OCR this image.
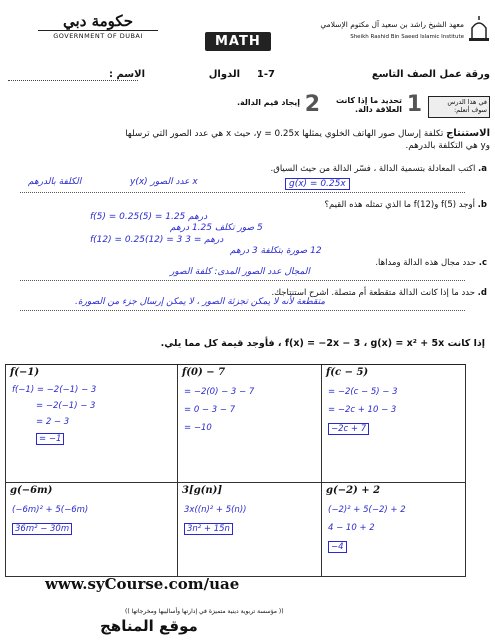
حكومة دبي
GOVERNMENT OF DUBAI	MATH
معهد الشيخ راشد بن سعيد آل مكتوم الإسلامي
Sheikh Rashid Bin Saeed Islamic Institute
ورقة عمل الصف التاسع
1-7
الدوال
الاسم :
في هذا الدرس سوف أتعلم:
1
تحديد ما إذا كانت
العلاقة دالة.
2
إيجاد قيم الدالة.
الاستنتاج تكلفة إرسال صور الهاتف الخلوي يمثلها y = 0.25x، حيث x هي عدد الصور التي ترسلها
وy هي التكلفة بالدرهم.
a. اكتب المعادلة بتسمية الدالة ، فسّر الدالة من حيث السياق.
g(x) = 0.25x
y(x) عدد الصور x
الكلفة بالدرهم
b. أوجد f(5) وf(12) ما الذي تمثله هذه القيم؟
f(5) = 0.25(5) = 1.25 درهم
5 صور تكلف 1.25 درهم
f(12) = 0.25(12) = 3 درهم = 3
12 صورة بتكلفة 3 درهم
c. حدد مجال هذه الدالة ومداها.
المجال عدد الصور المدى: كلفة الصور
d. حدد ما إذا كانت الدالة متقطعة أم متصلة. اشرح استنتاجك.
متقطعة لأنه لا يمكن تجزئة الصور ، لا يمكن إرسال جزء من الصورة.
إذا كانت f(x) = −2x − 3 ، g(x) = x² + 5x ، فأوجد قيمة كل مما يلي.
f(−1)
f(−1) = −2(−1) − 3
= −2(−1) − 3
= 2 − 3
= −1
f(0) − 7
= −2(0) − 3 − 7
= 0 − 3 − 7
= −10
f(c − 5)
= −2(c − 5) − 3
= −2c + 10 − 3
−2c + 7
g(−6m)
(−6m)² + 5(−6m)
36m² − 30m
3[g(n)]
3x((n)² + 5(n))
3n² + 15n
g(−2) + 2
(−2)² + 5(−2) + 2
4 − 10 + 2
−4
www.syCourse.com/uae
(( مؤسسة تربوية دينية متميزة في إدارتها وأساليبها ومخرجاتها ))
موقع المناهج
